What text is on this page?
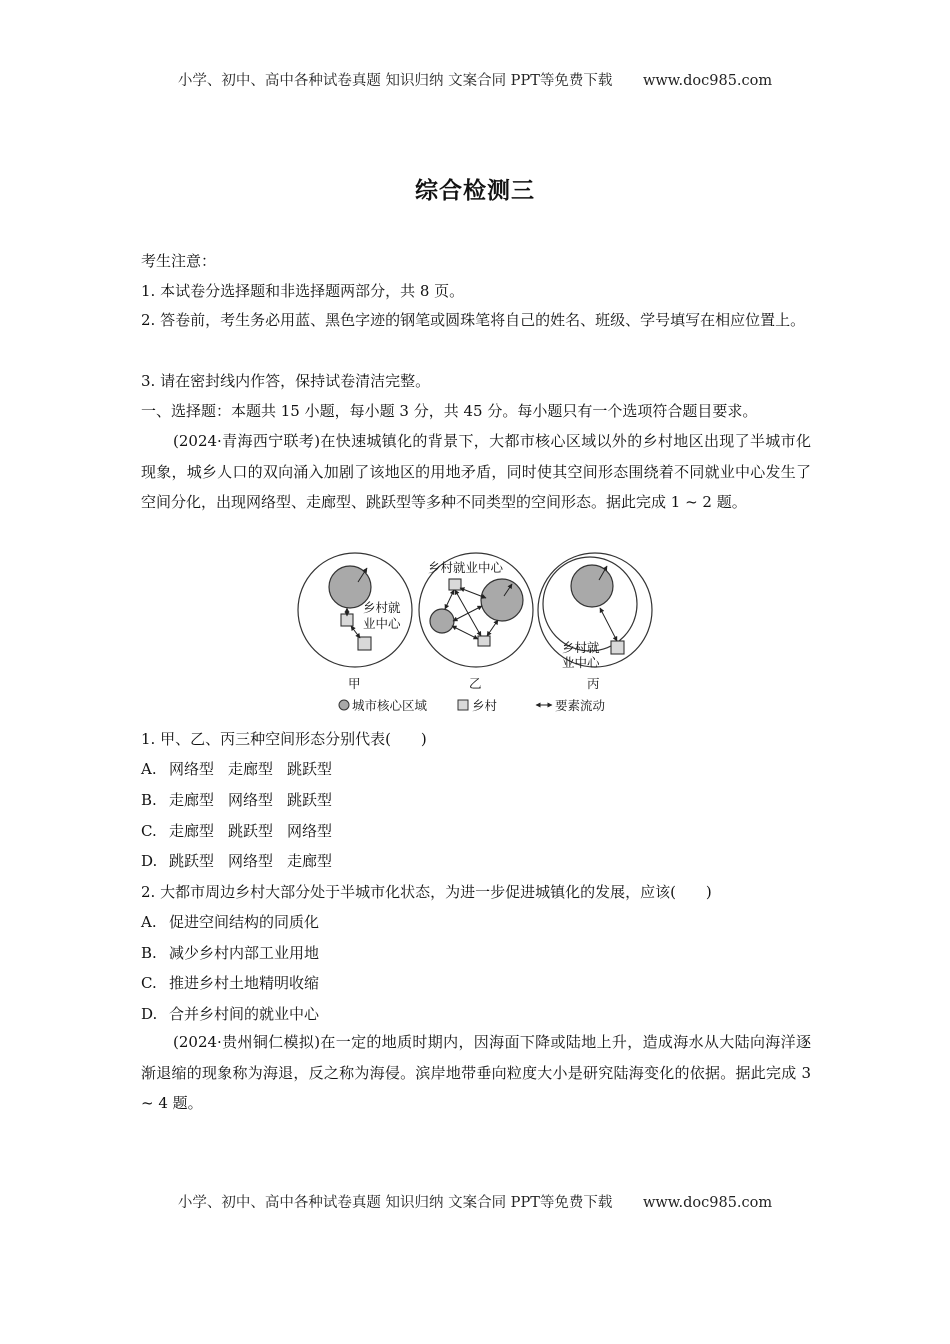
小学、初中、高中各种试卷真题 知识归纳 文案合同 PPT等免费下载 www.doc985.com
综合检测三
考生注意：
1. 本试卷分选择题和非选择题两部分，共 8 页。
2. 答卷前，考生务必用蓝、黑色字迹的钢笔或圆珠笔将自己的姓名、班级、学号填写在相应位置上。
3. 请在密封线内作答，保持试卷清洁完整。
一、选择题：本题共 15 小题，每小题 3 分，共 45 分。每小题只有一个选项符合题目要求。
(2024·青海西宁联考)在快速城镇化的背景下，大都市核心区域以外的乡村地区出现了半城市化现象，城乡人口的双向涌入加剧了该地区的用地矛盾，同时使其空间形态围绕着不同就业中心发生了空间分化，出现网络型、走廊型、跳跃型等多种不同类型的空间形态。据此完成 1 ~ 2 题。
1. 甲、乙、丙三种空间形态分别代表(　　)
A. 网络型 走廊型 跳跃型
B. 走廊型 网络型 跳跃型
C. 走廊型 跳跃型 网络型
D. 跳跃型 网络型 走廊型
2. 大都市周边乡村大部分处于半城市化状态，为进一步促进城镇化的发展，应该(　　)
A. 促进空间结构的同质化
B. 减少乡村内部工业用地
C. 推进乡村土地精明收缩
D. 合并乡村间的就业中心
(2024·贵州铜仁模拟)在一定的地质时期内，因海面下降或陆地上升，造成海水从大陆向海洋逐渐退缩的现象称为海退，反之称为海侵。滨岸地带垂向粒度大小是研究陆海变化的依据。据此完成 3 ~ 4 题。
乡村就
业中心
乡村就业中心
乡村就
业中心
甲	乙	丙
城市核心区域	乡村	要素流动
小学、初中、高中各种试卷真题 知识归纳 文案合同 PPT等免费下载 www.doc985.com
